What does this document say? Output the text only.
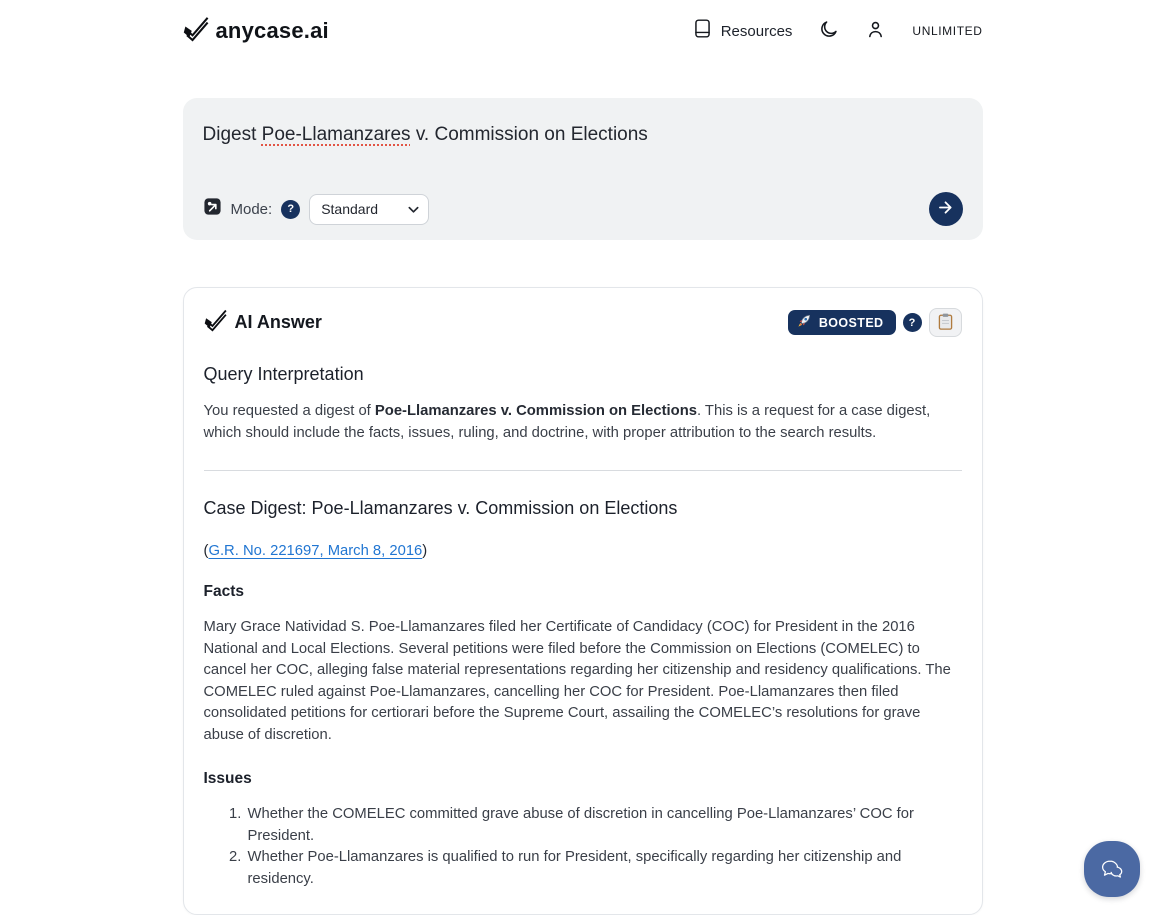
anycase.ai	Resources	UNLIMITED
Digest Poe-Llamanzares v. Commission on Elections
Mode:	?
Standard
AI Answer	BOOSTED	?
Query Interpretation

You requested a digest of Poe-Llamanzares v. Commission on Elections. This is a request for a case digest, which should include the facts, issues, ruling, and doctrine, with proper attribution to the search results.

Case Digest: Poe-Llamanzares v. Commission on Elections

(G.R. No. 221697, March 8, 2016)

Facts

Mary Grace Natividad S. Poe-Llamanzares filed her Certificate of Candidacy (COC) for President in the 2016 National and Local Elections. Several petitions were filed before the Commission on Elections (COMELEC) to cancel her COC, alleging false material representations regarding her citizenship and residency qualifications. The COMELEC ruled against Poe-Llamanzares, cancelling her COC for President. Poe-Llamanzares then filed consolidated petitions for certiorari before the Supreme Court, assailing the COMELEC’s resolutions for grave abuse of discretion.

Issues
1. Whether the COMELEC committed grave abuse of discretion in cancelling Poe-Llamanzares’ COC for President.
2. Whether Poe-Llamanzares is qualified to run for President, specifically regarding her citizenship and residency.
